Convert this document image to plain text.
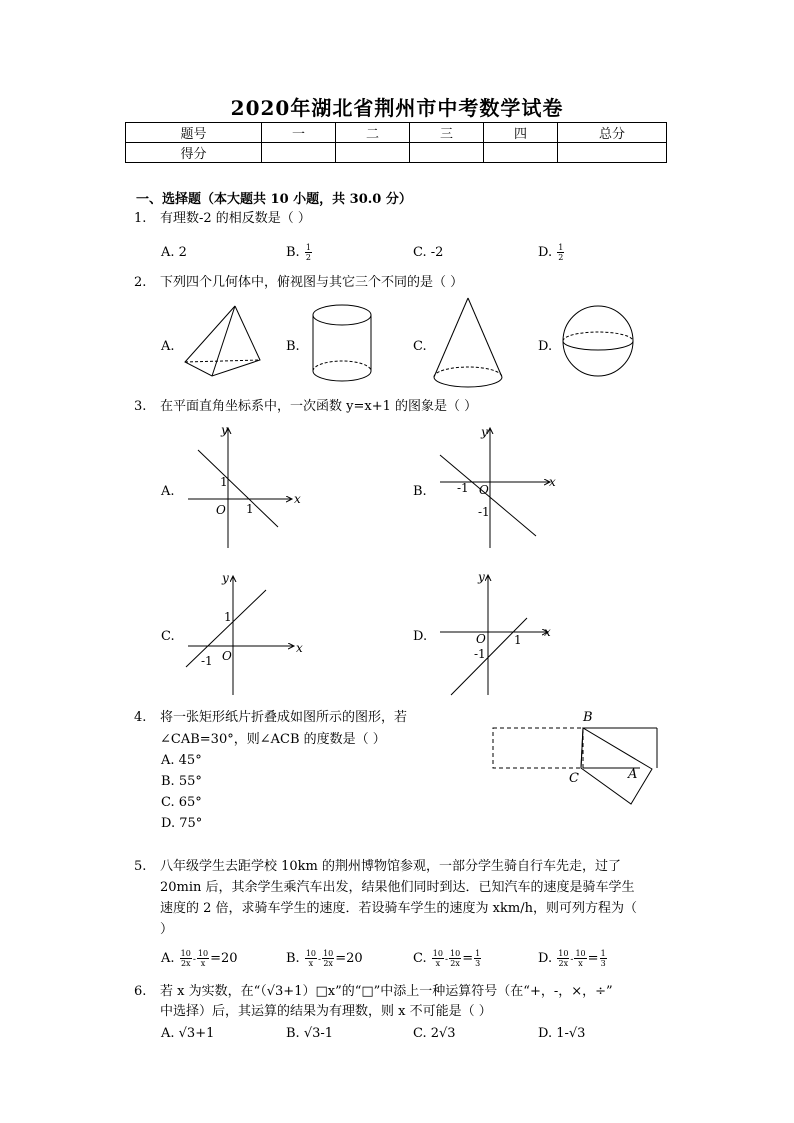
2020年湖北省荆州市中考数学试卷
题号	一	二	三	四	总分
得分					
一、选择题（本大题共 10 小题，共 30.0 分）
1. 有理数-2 的相反数是（ ）
A. 2	B. $\frac{1}{2}$	C. -2	D. $\frac{1}{2}$
2. 下列四个几何体中，俯视图与其它三个不同的是（ ）
A.	B.	C.	D.
3. 在平面直角坐标系中，一次函数 y=x+1 的图象是（ ）
A.	B.
C.	D.
y
x
O
1
1
y
x
O
-1
-1
y
x
O
1
-1
y
x
O 1
-1
4. 将一张矩形纸片折叠成如图所示的图形，若
∠CAB=30°，则∠ACB 的度数是（ ）
A. 45°
B. 55°
C. 65°
D. 75°
B
C	A
5. 八年级学生去距学校 10km 的荆州博物馆参观，一部分学生骑自行车先走，过了
20min 后，其余学生乘汽车出发，结果他们同时到达．已知汽车的速度是骑车学生
速度的 2 倍，求骑车学生的速度．若设骑车学生的速度为 xkm/h，则可列方程为（
）
A. $\frac{10}{2x} - \frac{10}{x} =20$	B. $\frac{10}{x} - \frac{10}{2x} =20$	C. $\frac{10}{x} - \frac{10}{2x} = \frac{1}{3}$	D. $\frac{10}{2x} - \frac{10}{x} = \frac{1}{3}$
6. 若 x 为实数，在“（√3+1）□x”的“□”中添上一种运算符号（在“+，-，×，÷”
中选择）后，其运算的结果为有理数，则 x 不可能是（ ）
A. √3+1	B. √3-1	C. 2√3	D. 1-√3
